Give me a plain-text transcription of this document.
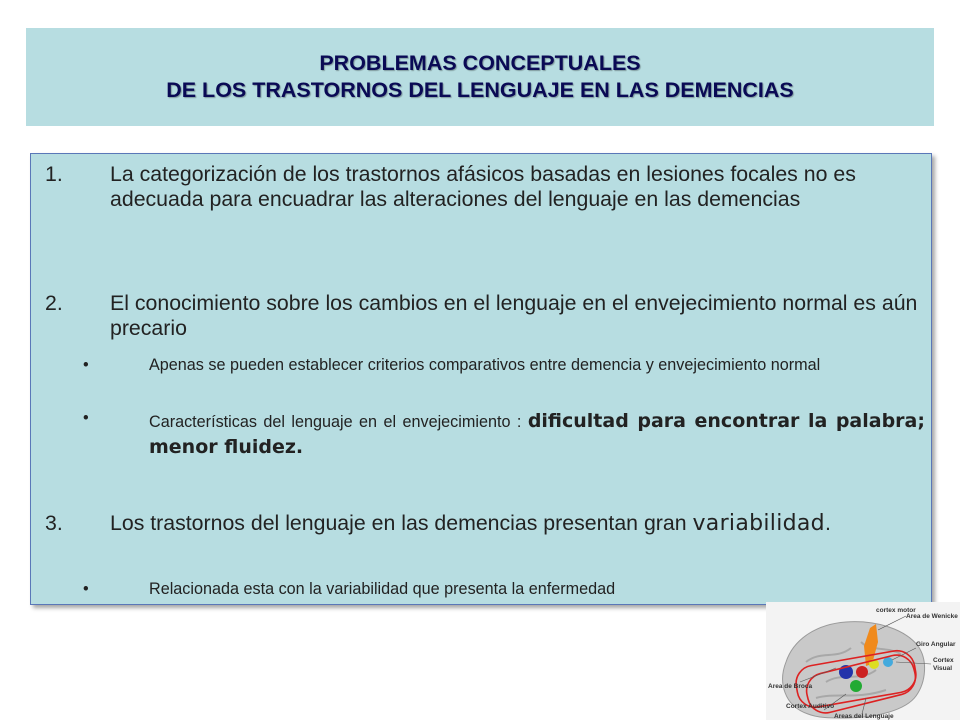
PROBLEMAS CONCEPTUALES
DE LOS TRASTORNOS DEL LENGUAJE EN LAS DEMENCIAS
1.	La categorización de los trastornos afásicos basadas en lesiones focales no es adecuada para encuadrar las alteraciones del lenguaje en las demencias
2.	El conocimiento sobre los cambios en el lenguaje en el envejecimiento normal es aún precario
•	Apenas se pueden establecer criterios comparativos entre demencia y envejecimiento normal
•	Características del lenguaje en el envejecimiento : dificultad para encontrar la palabra; menor fluidez.
3.	Los trastornos del lenguaje en las demencias presentan gran variabilidad.
•	Relacionada esta con la variabilidad que presenta la enfermedad
cortex motor
Area de Wenicke
Giro Angular
Cortex
Visual
Area de Broca
Cortex Auditivo
Areas del Lenguaje
